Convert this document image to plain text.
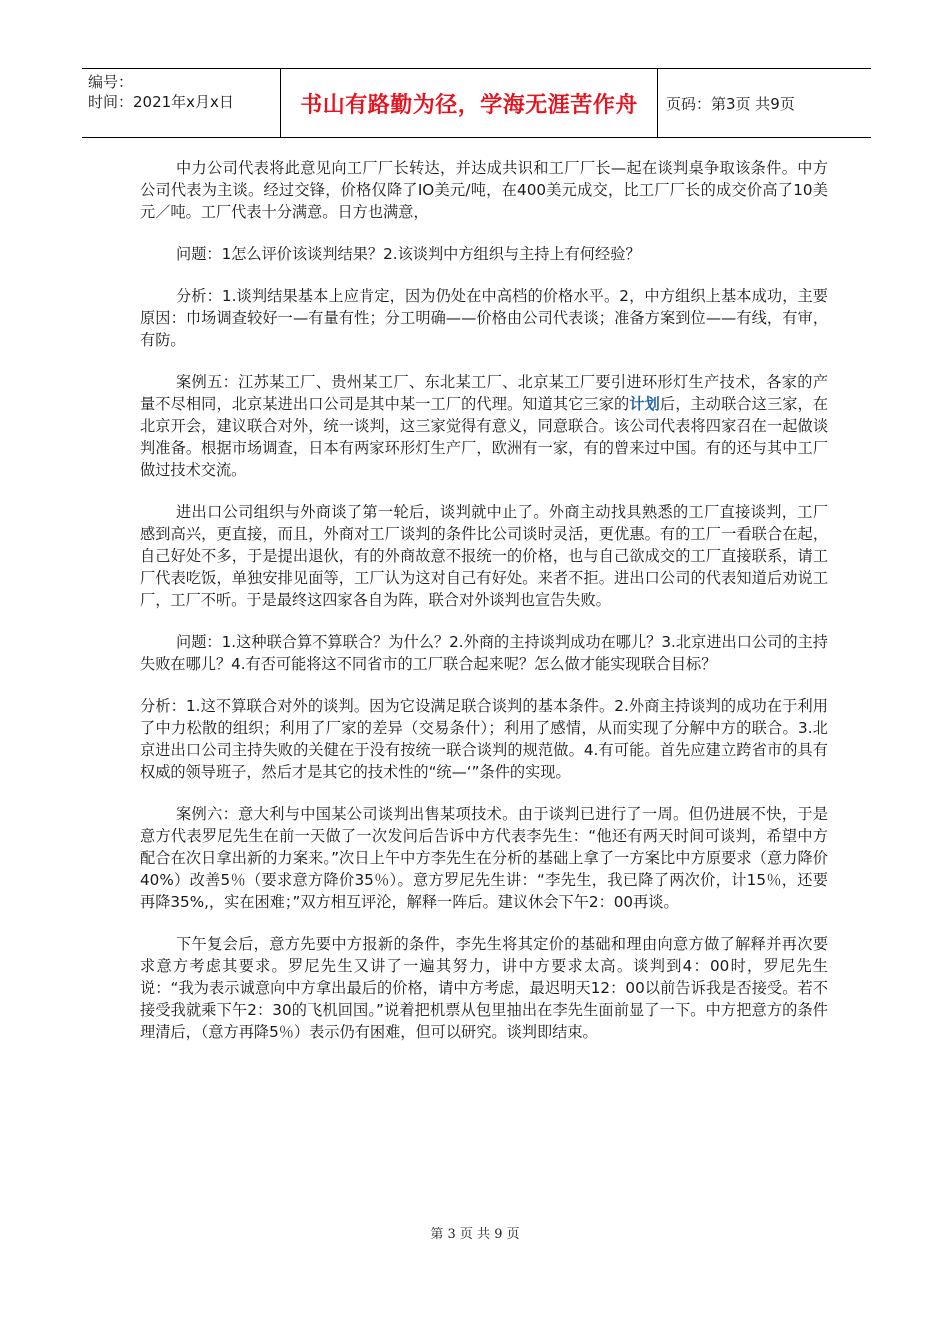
编号：
时间：2021年x月x日	书山有路勤为径，学海无涯苦作舟	页码：第3页 共9页

中力公司代表将此意见向工厂厂长转达，并达成共识和工厂厂长—起在谈判桌争取该条件。中方公司代表为主谈。经过交锋，价格仅降了IO美元/吨，在400美元成交，比工厂厂长的成交价高了10美元／吨。工厂代表十分满意。日方也满意，

问题：1怎么评价该谈判结果？2.该谈判中方组织与主持上有何经验？

分析：1.谈判结果基本上应肯定，因为仍处在中高档的价格水平。2，中方组织上基本成功，主要原因：巾场调查较好一—有量有性；分工明确——价格由公司代表谈；准备方案到位——有线，有审，有防。

案例五：江苏某工厂、贵州某工厂、东北某工厂、北京某工厂要引进环形灯生产技术，各家的产量不尽相同，北京某进出口公司是其中某一工厂的代理。知道其它三家的计划后，主动联合这三家，在北京开会，建议联合对外，统一谈判，这三家觉得有意义，同意联合。该公司代表将四家召在一起做谈判准备。根据市场调查，日本有两家环形灯生产厂，欧洲有一家，有的曾来过中国。有的还与其中工厂做过技术交流。

进出口公司组织与外商谈了第一轮后，谈判就中止了。外商主动找具熟悉的工厂直接谈判，工厂感到高兴，更直接，而且，外商对工厂谈判的条件比公司谈时灵活，更优惠。有的工厂一看联合在起，自己好处不多，于是提出退伙，有的外商故意不报统一的价格，也与自己欲成交的工厂直接联系，请工厂代表吃饭，单独安排见面等，工厂认为这对自己有好处。来者不拒。进出口公司的代表知道后劝说工厂，工厂不听。于是最终这四家各自为阵，联合对外谈判也宣告失败。

问题：1.这种联合算不算联合？为什么？2.外商的主持谈判成功在哪儿？3.北京进出口公司的主持失败在哪儿？4.有否可能将这不同省市的工厂联合起来呢？怎么做才能实现联合目标？

分析：1.这不算联合对外的谈判。因为它设满足联合谈判的基本条件。2.外商主持谈判的成功在于利用了中力松散的组织；利用了厂家的差异（交易条什）；利用了感情，从而实现了分解中方的联合。3.北京进出口公司主持失败的关健在于没有按统一联合谈判的规范做。4.有可能。首先应建立跨省市的具有权威的领导班子，然后才是其它的技术性的“统—‘”条件的实现。

案例六：意大利与中国某公司谈判出售某项技术。由于谈判已进行了一周。但仍进展不快，于是意方代表罗尼先生在前一天做了一次发问后告诉中方代表李先生：“他还有两天时间可谈判，希望中方配合在次日拿出新的力案来。”次日上午中方李先生在分析的基础上拿了一方案比中方原要求（意力降价40%）改善5％（要求意方降价35％）。意方罗尼先生讲：“李先生，我已降了两次价，计15％，还要再降35%,，实在困难；”双方相互评沦，解释一阵后。建议休会下午2：00再谈。

下午复会后，意方先要中方报新的条件，李先生将其定价的基础和理由向意方做了解释并再次要求意方考虑其要求。罗尼先生又讲了一遍其努力，讲中方要求太高。谈判到4：00时，罗尼先生说：“我为表示诚意向中方拿出最后的价格，请中方考虑，最迟明天12：00以前告诉我是否接受。若不接受我就乘下午2：30的飞机回国。”说着把机票从包里抽出在李先生面前显了一下。中方把意方的条件理清后，（意方再降5％）表示仍有困难，但可以研究。谈判即结束。

第 3 页 共 9 页
